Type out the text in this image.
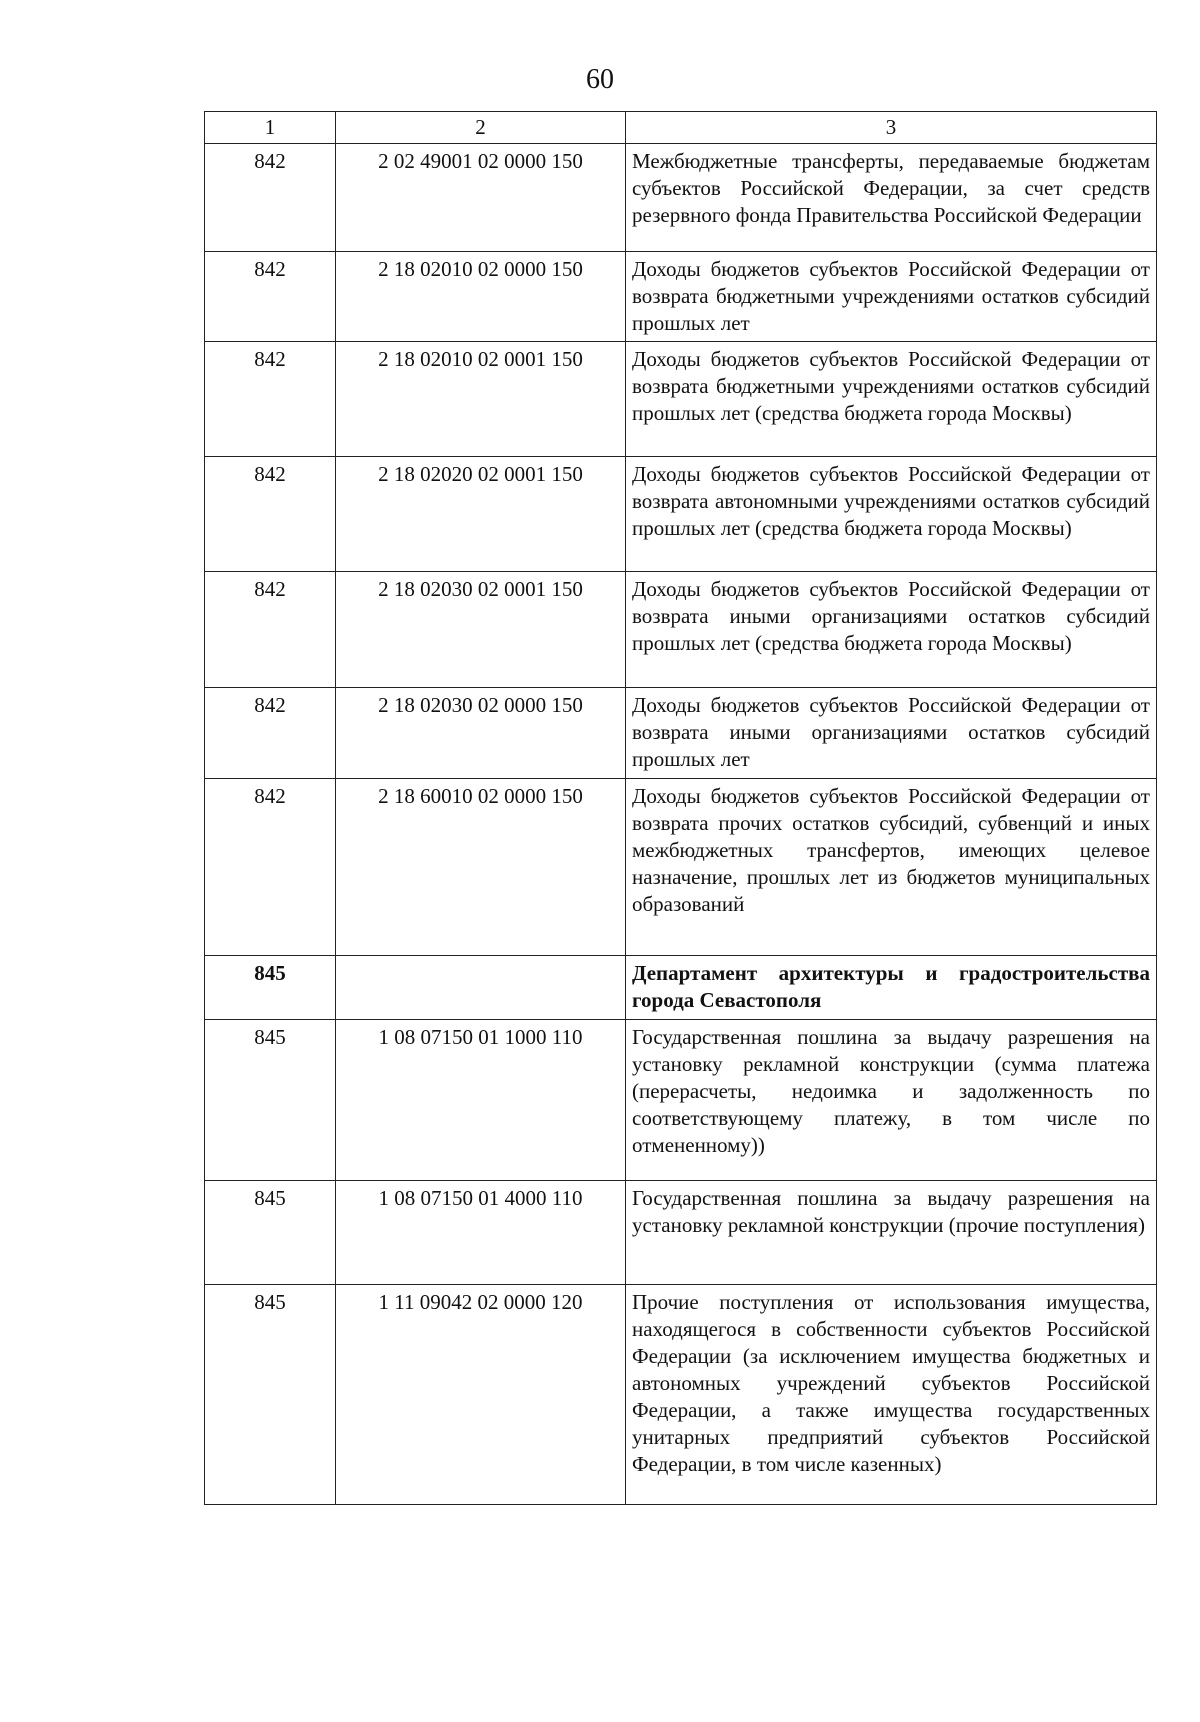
60
1	2	3
842	2 02 49001 02 0000 150	Межбюджетные трансферты, передаваемые бюджетам субъектов Российской Федерации, за счет средств резервного фонда Правительства Российской Федерации
842	2 18 02010 02 0000 150	Доходы бюджетов субъектов Российской Федерации от возврата бюджетными учреждениями остатков субсидий прошлых лет
842	2 18 02010 02 0001 150	Доходы бюджетов субъектов Российской Федерации от возврата бюджетными учреждениями остатков субсидий прошлых лет (средства бюджета города Москвы)
842	2 18 02020 02 0001 150	Доходы бюджетов субъектов Российской Федерации от возврата автономными учреждениями остатков субсидий прошлых лет (средства бюджета города Москвы)
842	2 18 02030 02 0001 150	Доходы бюджетов субъектов Российской Федерации от возврата иными организациями остатков субсидий прошлых лет (средства бюджета города Москвы)
842	2 18 02030 02 0000 150	Доходы бюджетов субъектов Российской Федерации от возврата иными организациями остатков субсидий прошлых лет
842	2 18 60010 02 0000 150	Доходы бюджетов субъектов Российской Федерации от возврата прочих остатков субсидий, субвенций и иных межбюджетных трансфертов, имеющих целевое назначение, прошлых лет из бюджетов муниципальных образований
845		Департамент архитектуры и градостроительства города Севастополя
845	1 08 07150 01 1000 110	Государственная пошлина за выдачу разрешения на установку рекламной конструкции (сумма платежа (перерасчеты, недоимка и задолженность по соответствующему платежу, в том числе по отмененному))
845	1 08 07150 01 4000 110	Государственная пошлина за выдачу разрешения на установку рекламной конструкции (прочие поступления)
845	1 11 09042 02 0000 120	Прочие поступления от использования имущества, находящегося в собственности субъектов Российской Федерации (за исключением имущества бюджетных и автономных учреждений субъектов Российской Федерации, а также имущества государственных унитарных предприятий субъектов Российской Федерации, в том числе казенных)
